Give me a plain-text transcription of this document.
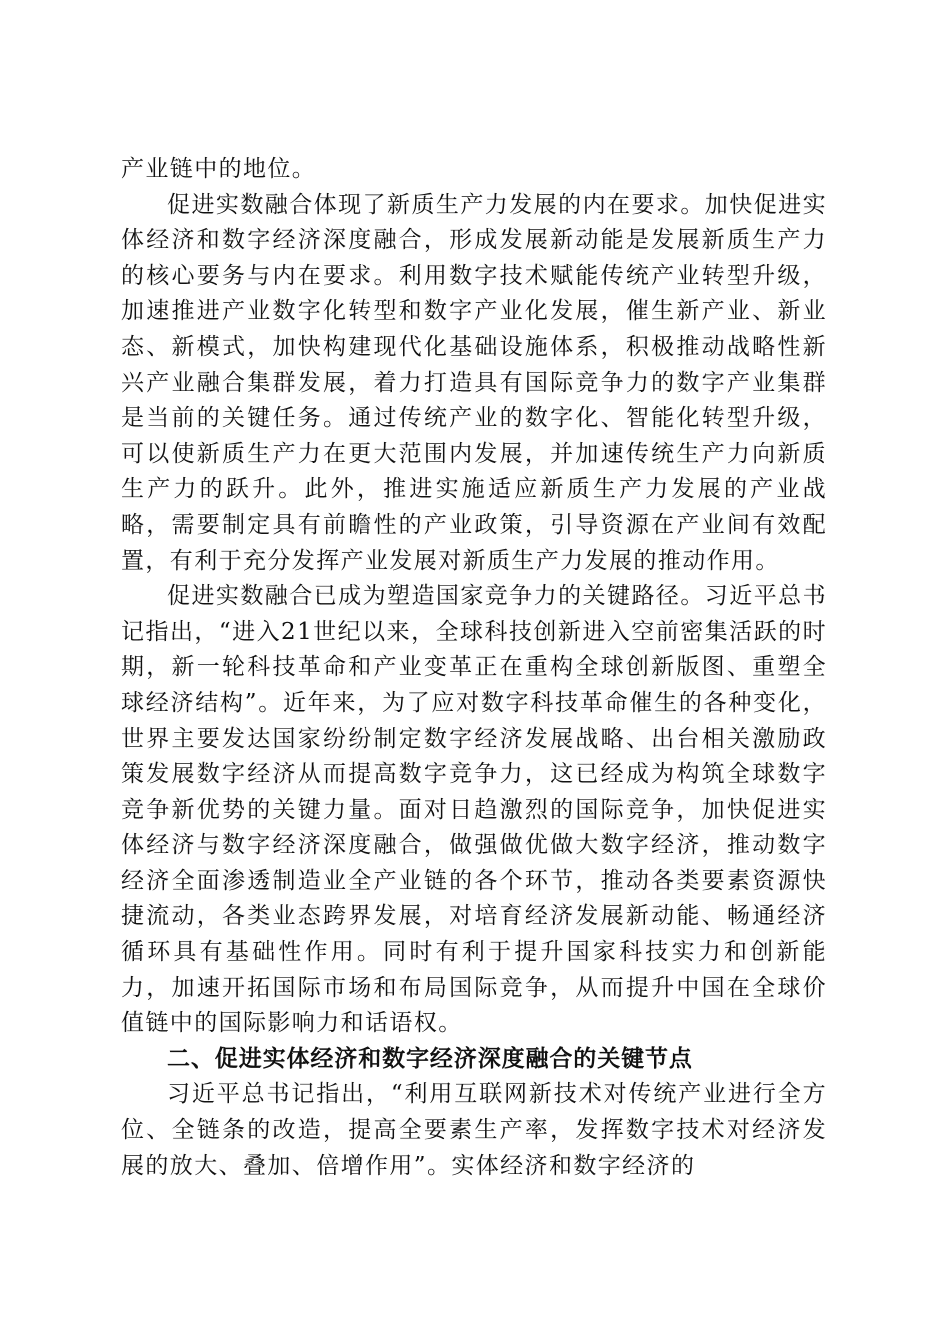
产业链中的地位。

促进实数融合体现了新质生产力发展的内在要求。加快促进实体经济和数字经济深度融合，形成发展新动能是发展新质生产力的核心要务与内在要求。利用数字技术赋能传统产业转型升级，加速推进产业数字化转型和数字产业化发展，催生新产业、新业态、新模式，加快构建现代化基础设施体系，积极推动战略性新兴产业融合集群发展，着力打造具有国际竞争力的数字产业集群是当前的关键任务。通过传统产业的数字化、智能化转型升级，可以使新质生产力在更大范围内发展，并加速传统生产力向新质生产力的跃升。此外，推进实施适应新质生产力发展的产业战略，需要制定具有前瞻性的产业政策，引导资源在产业间有效配置，有利于充分发挥产业发展对新质生产力发展的推动作用。

促进实数融合已成为塑造国家竞争力的关键路径。习近平总书记指出，“进入21世纪以来，全球科技创新进入空前密集活跃的时期，新一轮科技革命和产业变革正在重构全球创新版图、重塑全球经济结构”。近年来，为了应对数字科技革命催生的各种变化，世界主要发达国家纷纷制定数字经济发展战略、出台相关激励政策发展数字经济从而提高数字竞争力，这已经成为构筑全球数字竞争新优势的关键力量。面对日趋激烈的国际竞争，加快促进实体经济与数字经济深度融合，做强做优做大数字经济，推动数字经济全面渗透制造业全产业链的各个环节，推动各类要素资源快捷流动，各类业态跨界发展，对培育经济发展新动能、畅通经济循环具有基础性作用。同时有利于提升国家科技实力和创新能力，加速开拓国际市场和布局国际竞争，从而提升中国在全球价值链中的国际影响力和话语权。

二、促进实体经济和数字经济深度融合的关键节点

习近平总书记指出，“利用互联网新技术对传统产业进行全方位、全链条的改造，提高全要素生产率，发挥数字技术对经济发展的放大、叠加、倍增作用”。实体经济和数字经济的
